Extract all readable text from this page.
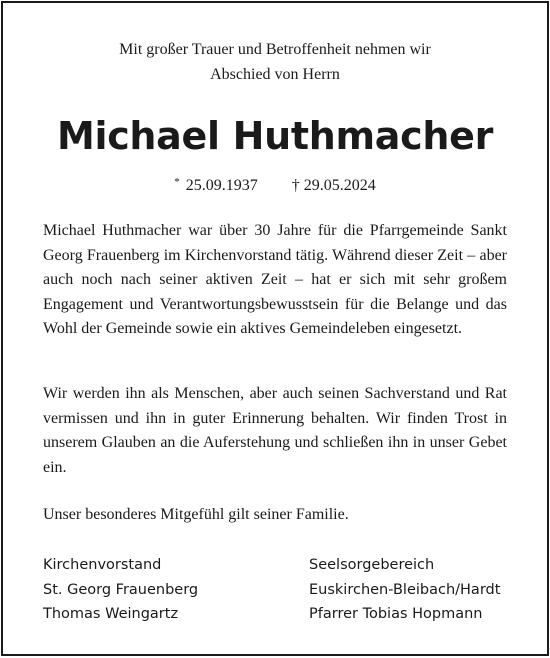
Mit großer Trauer und Betroffenheit nehmen wir
Abschied von Herrn
Michael Huthmacher
* 25.09.1937 † 29.05.2024

Michael Huthmacher war über 30 Jahre für die Pfarrgemeinde Sankt Georg Frauenberg im Kirchenvorstand tätig. Während dieser Zeit – aber auch noch nach seiner aktiven Zeit – hat er sich mit sehr großem Engagement und Verantwortungsbewusstsein für die Belange und das Wohl der Gemeinde sowie ein aktives Gemeindeleben eingesetzt.

Wir werden ihn als Menschen, aber auch seinen Sachverstand und Rat vermissen und ihn in guter Erinnerung behalten. Wir finden Trost in unserem Glauben an die Auferstehung und schließen ihn in unser Gebet ein.

Unser besonderes Mitgefühl gilt seiner Familie.

Kirchenvorstand
St. Georg Frauenberg
Thomas Weingartz
Seelsorgebereich
Euskirchen-Bleibach/Hardt
Pfarrer Tobias Hopmann
